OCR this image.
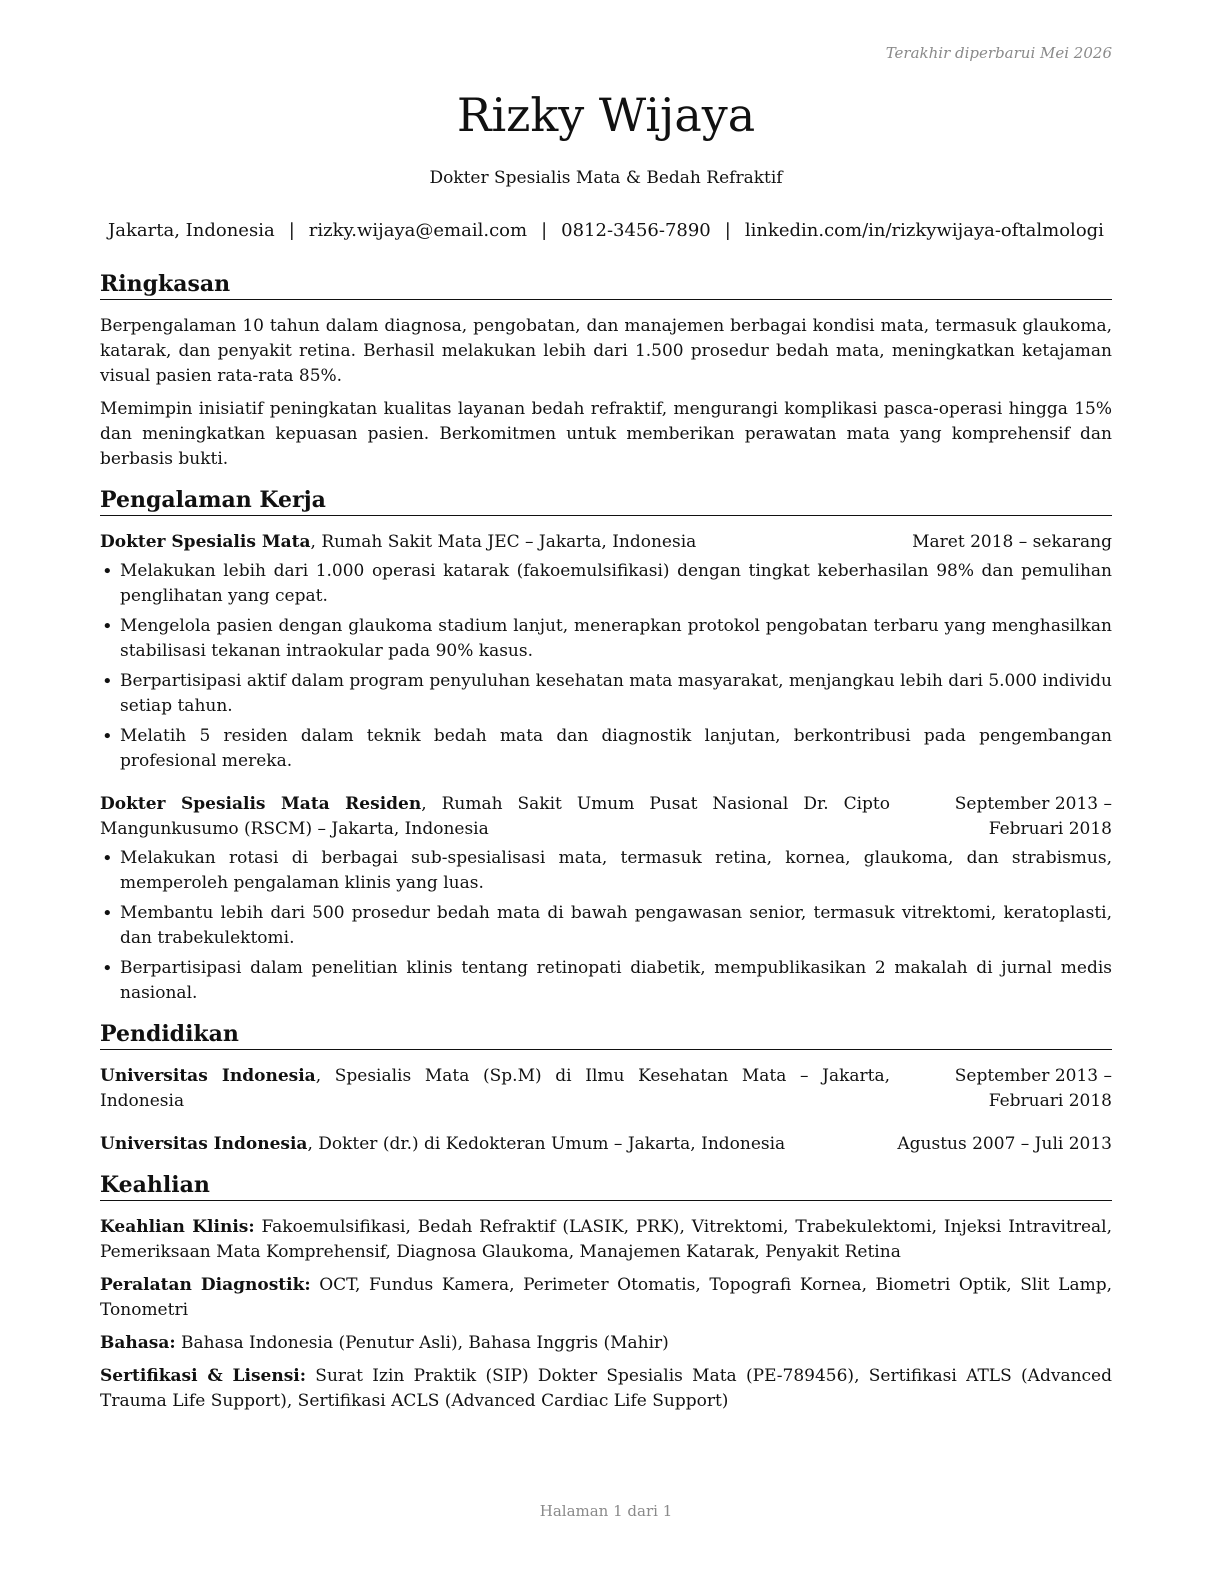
Terakhir diperbarui Mei 2026
Rizky Wijaya
Dokter Spesialis Mata & Bedah Refraktif
Jakarta, Indonesia | rizky.wijaya@email.com | 0812-3456-7890 | linkedin.com/in/rizkywijaya-oftalmologi
Ringkasan

Berpengalaman 10 tahun dalam diagnosa, pengobatan, dan manajemen berbagai kondisi mata, termasuk glaukoma, katarak, dan penyakit retina. Berhasil melakukan lebih dari 1.500 prosedur bedah mata, meningkatkan ketajaman visual pasien rata-rata 85%.

Memimpin inisiatif peningkatan kualitas layanan bedah refraktif, mengurangi komplikasi pasca-operasi hingga 15% dan meningkatkan kepuasan pasien. Berkomitmen untuk memberikan perawatan mata yang komprehensif dan berbasis bukti.

Pengalaman Kerja
Dokter Spesialis Mata, Rumah Sakit Mata JEC – Jakarta, Indonesia	Maret 2018 – sekarang
• Melakukan lebih dari 1.000 operasi katarak (fakoemulsifikasi) dengan tingkat keberhasilan 98% dan pemulihan penglihatan yang cepat.
• Mengelola pasien dengan glaukoma stadium lanjut, menerapkan protokol pengobatan terbaru yang menghasilkan stabilisasi tekanan intraokular pada 90% kasus.
• Berpartisipasi aktif dalam program penyuluhan kesehatan mata masyarakat, menjangkau lebih dari 5.000 individu setiap tahun.
• Melatih 5 residen dalam teknik bedah mata dan diagnostik lanjutan, berkontribusi pada pengembangan profesional mereka.
Dokter Spesialis Mata Residen, Rumah Sakit Umum Pusat Nasional Dr. Cipto Mangunkusumo (RSCM) – Jakarta, Indonesia
September 2013 – Februari 2018
• Melakukan rotasi di berbagai sub-spesialisasi mata, termasuk retina, kornea, glaukoma, dan strabismus, memperoleh pengalaman klinis yang luas.
• Membantu lebih dari 500 prosedur bedah mata di bawah pengawasan senior, termasuk vitrektomi, keratoplasti, dan trabekulektomi.
• Berpartisipasi dalam penelitian klinis tentang retinopati diabetik, mempublikasikan 2 makalah di jurnal medis nasional.
Pendidikan
Universitas Indonesia, Spesialis Mata (Sp.M) di Ilmu Kesehatan Mata – Jakarta, Indonesia
September 2013 – Februari 2018
Universitas Indonesia, Dokter (dr.) di Kedokteran Umum – Jakarta, Indonesia	Agustus 2007 – Juli 2013
Keahlian

Keahlian Klinis: Fakoemulsifikasi, Bedah Refraktif (LASIK, PRK), Vitrektomi, Trabekulektomi, Injeksi Intravitreal, Pemeriksaan Mata Komprehensif, Diagnosa Glaukoma, Manajemen Katarak, Penyakit Retina

Peralatan Diagnostik: OCT, Fundus Kamera, Perimeter Otomatis, Topografi Kornea, Biometri Optik, Slit Lamp, Tonometri

Bahasa: Bahasa Indonesia (Penutur Asli), Bahasa Inggris (Mahir)

Sertifikasi & Lisensi: Surat Izin Praktik (SIP) Dokter Spesialis Mata (PE-789456), Sertifikasi ATLS (Advanced Trauma Life Support), Sertifikasi ACLS (Advanced Cardiac Life Support)

Halaman 1 dari 1
